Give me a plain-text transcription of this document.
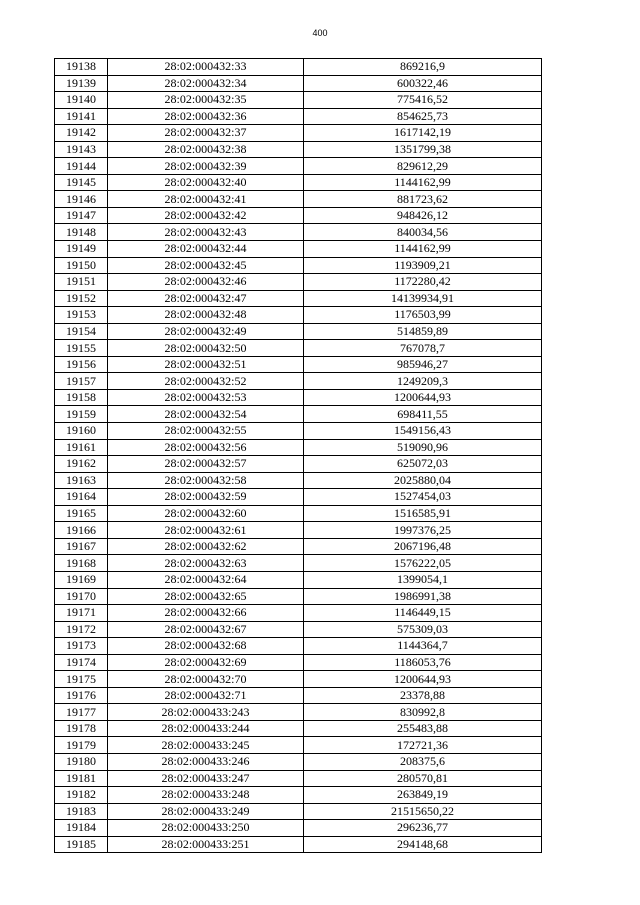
400
19138	28:02:000432:33	869216,9
19139	28:02:000432:34	600322,46
19140	28:02:000432:35	775416,52
19141	28:02:000432:36	854625,73
19142	28:02:000432:37	1617142,19
19143	28:02:000432:38	1351799,38
19144	28:02:000432:39	829612,29
19145	28:02:000432:40	1144162,99
19146	28:02:000432:41	881723,62
19147	28:02:000432:42	948426,12
19148	28:02:000432:43	840034,56
19149	28:02:000432:44	1144162,99
19150	28:02:000432:45	1193909,21
19151	28:02:000432:46	1172280,42
19152	28:02:000432:47	14139934,91
19153	28:02:000432:48	1176503,99
19154	28:02:000432:49	514859,89
19155	28:02:000432:50	767078,7
19156	28:02:000432:51	985946,27
19157	28:02:000432:52	1249209,3
19158	28:02:000432:53	1200644,93
19159	28:02:000432:54	698411,55
19160	28:02:000432:55	1549156,43
19161	28:02:000432:56	519090,96
19162	28:02:000432:57	625072,03
19163	28:02:000432:58	2025880,04
19164	28:02:000432:59	1527454,03
19165	28:02:000432:60	1516585,91
19166	28:02:000432:61	1997376,25
19167	28:02:000432:62	2067196,48
19168	28:02:000432:63	1576222,05
19169	28:02:000432:64	1399054,1
19170	28:02:000432:65	1986991,38
19171	28:02:000432:66	1146449,15
19172	28:02:000432:67	575309,03
19173	28:02:000432:68	1144364,7
19174	28:02:000432:69	1186053,76
19175	28:02:000432:70	1200644,93
19176	28:02:000432:71	23378,88
19177	28:02:000433:243	830992,8
19178	28:02:000433:244	255483,88
19179	28:02:000433:245	172721,36
19180	28:02:000433:246	208375,6
19181	28:02:000433:247	280570,81
19182	28:02:000433:248	263849,19
19183	28:02:000433:249	21515650,22
19184	28:02:000433:250	296236,77
19185	28:02:000433:251	294148,68
